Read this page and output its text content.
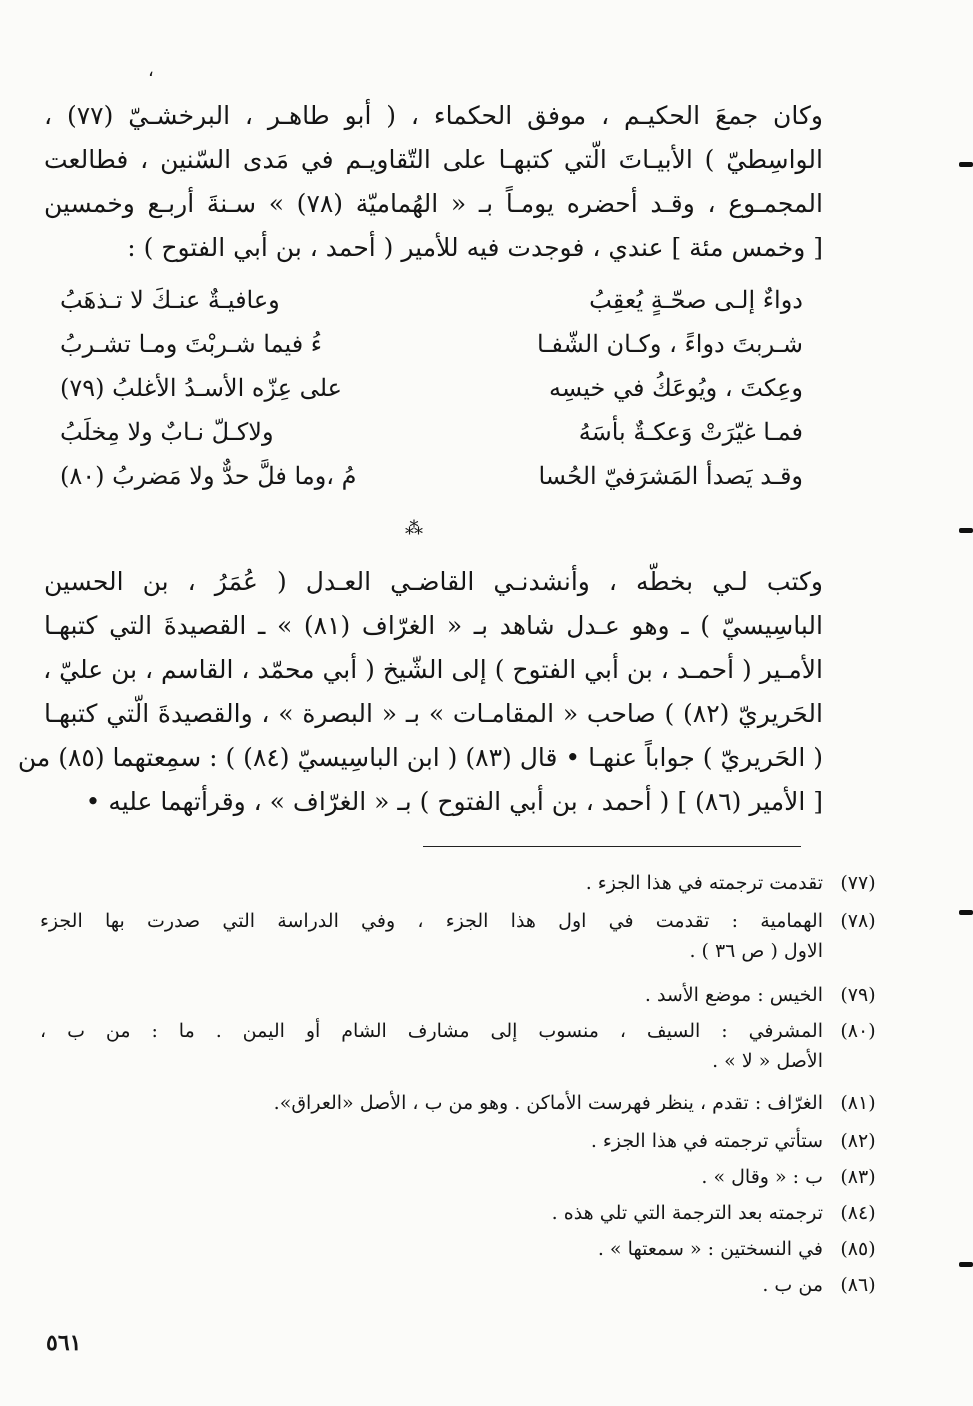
،

وكان جمعَ الحكيـم ، موفق الحكماء ، ( أبو طاهـر ، البرخشـيّ (٧٧) ،

الواسِطيّ ) الأبيـاتَ الّتي كتبهـا على التّقاويـم في مَدى السّنين ، فطالعت

المجمـوع ، وقـد أحضره يومـاً بـ « الهُماميّة (٧٨) » سـنةَ أربـع وخمسين

[ وخمس مئة ] عندي ، فوجدت فيه للأمير ( أحمد ، بن أبي الفتوح ) :

دواءٌ إلـى صحّـةٍ يُعقِبُ
وعافيـةٌ عنـكَ لا تـذهَبُ
شـربتَ دواءً ، وكـان الشّفـا
ءُ فيما شـربْتَ ومـا تشـربُ
وعِكتَ ، ويُوعَكُ في خيسِه
على عِزّه الأسـدُ الأغلبُ (٧٩)
فمـا غيّرَتْ وَعكـةٌ بأسَهُ
ولاكـلّ نـابٌ ولا مِخلَبُ
وقـد يَصدأ المَشرَفيّ الحُسا
مُ ،وما فلَّ حدٌّ ولا مَضربُ (٨٠)
⁂

وكتب لـي بخطّه ، وأنشدنـي القاضـي العـدل ( عُمَرُ ، بن الحسين

الباسِيسيّ ) ـ وهو عـدل شاهد بـ « الغرّاف (٨١) » ـ القصيدةَ التي كتبهـا

الأمـير ( أحمـد ، بن أبي الفتوح ) إلى الشّيخ ( أبي محمّد ، القاسم ، بن عليّ ،

الحَريريّ (٨٢) ) صاحب « المقامـات » بـ « البصرة » ، والقصيدةَ الّتي كتبهـا

( الحَريريّ ) جواباً عنهـا • قال (٨٣) ( ابن الباسِيسيّ (٨٤) ) : سمِعتهما (٨٥) من

[ الأمير (٨٦) ] ( أحمد ، بن أبي الفتوح ) بـ « الغرّاف » ، وقرأتهما عليه •

(٧٧)
تقدمت ترجمته في هذا الجزء .
(٧٨)
الهمامية : تقدمت في اول هذا الجزء ، وفي الدراسة التي صدرت بها الجزء
الاول ( ص ٣٦ ) .
(٧٩)
الخيس : موضع الأسد .
(٨٠)
المشرفي : السيف ، منسوب إلى مشارف الشام أو اليمن . ما : من ب ،
الأصل « لا » .
(٨١)
الغرّاف : تقدم ، ينظر فهرست الأماكن . وهو من ب ، الأصل «العراق».
(٨٢)
ستأتي ترجمته في هذا الجزء .
(٨٣)
ب : « وقال » .
(٨٤)
ترجمته بعد الترجمة التي تلي هذه .
(٨٥)
في النسختين : « سمعتها » .
(٨٦)
من ب .
٥٦١
